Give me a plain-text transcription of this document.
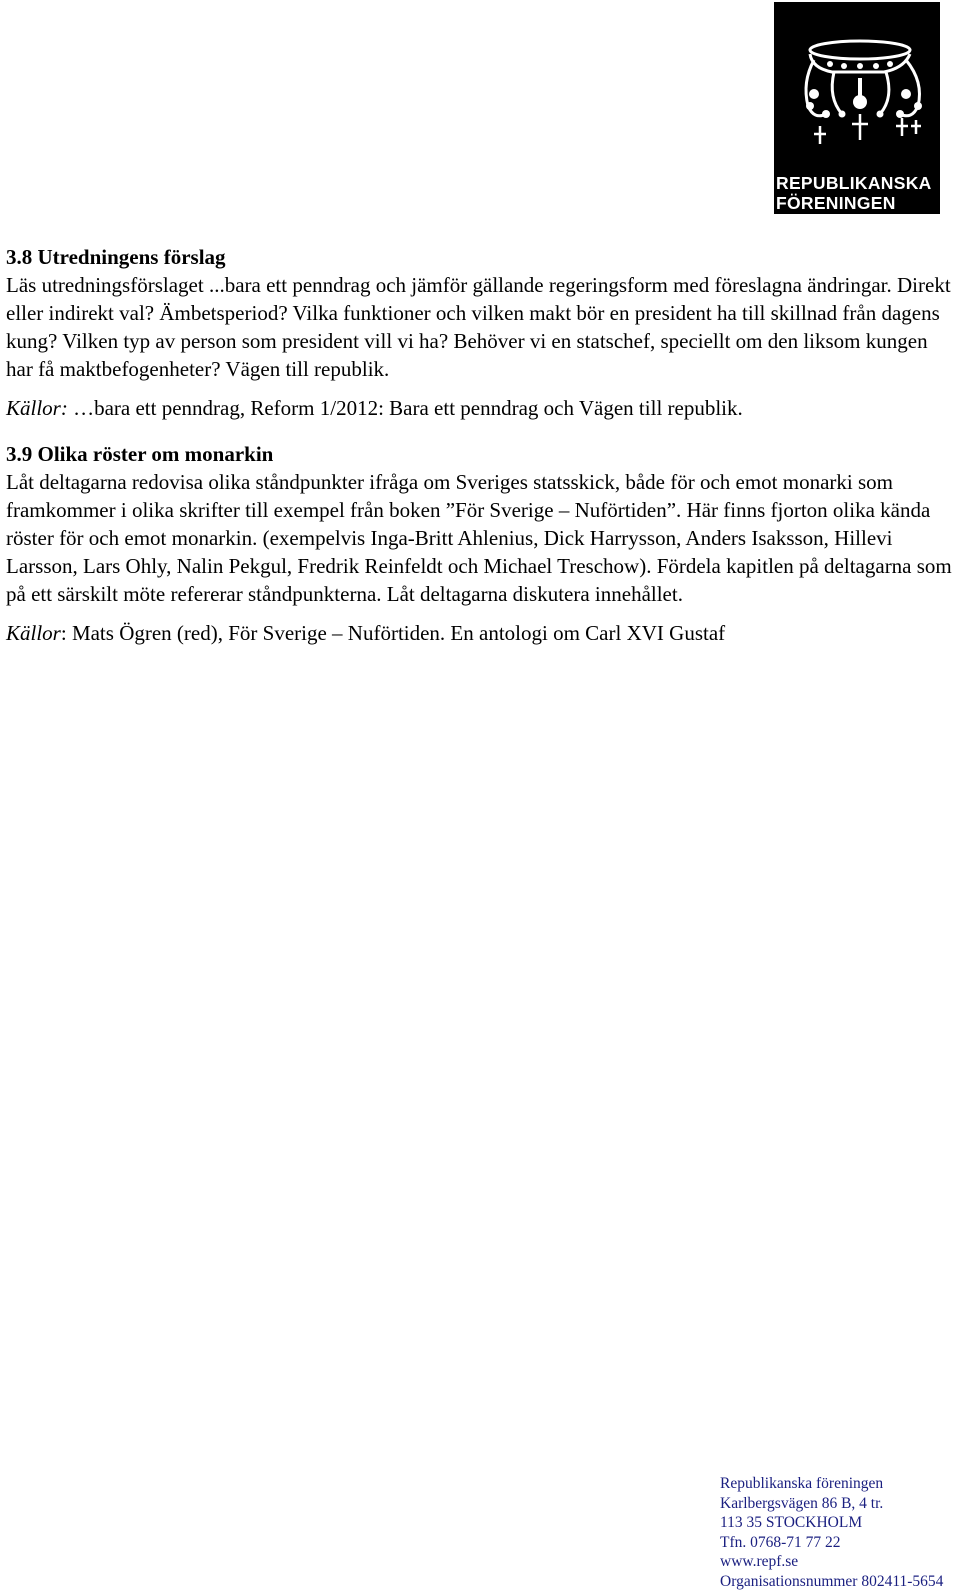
REPUBLIKANSKA
FÖRENINGEN
3.8 Utredningens förslag

Läs utredningsförslaget ...bara ett penndrag och jämför gällande regeringsform med föreslagna ändringar. Direkt eller indirekt val? Ämbetsperiod? Vilka funktioner och vilken makt bör en president ha till skillnad från dagens kung? Vilken typ av person som president vill vi ha? Behöver vi en statschef, speciellt om den liksom kungen har få maktbefogenheter? Vägen till republik.

Källor: …bara ett penndrag, Reform 1/2012: Bara ett penndrag och Vägen till republik.

3.9 Olika röster om monarkin

Låt deltagarna redovisa olika ståndpunkter ifråga om Sveriges statsskick, både för och emot monarki som framkommer i olika skrifter till exempel från boken ”För Sverige – Nuförtiden”. Här finns fjorton olika kända röster för och emot monarkin. (exempelvis Inga-Britt Ahlenius, Dick Harrysson, Anders Isaksson, Hillevi Larsson, Lars Ohly, Nalin Pekgul, Fredrik Reinfeldt och Michael Treschow). Fördela kapitlen på deltagarna som på ett särskilt möte refererar ståndpunkterna. Låt deltagarna diskutera innehållet.

Källor: Mats Ögren (red), För Sverige – Nuförtiden. En antologi om Carl XVI Gustaf

Republikanska föreningen
Karlbergsvägen 86 B, 4 tr.
113 35 STOCKHOLM
Tfn. 0768-71 77 22
www.repf.se
Organisationsnummer 802411-5654
